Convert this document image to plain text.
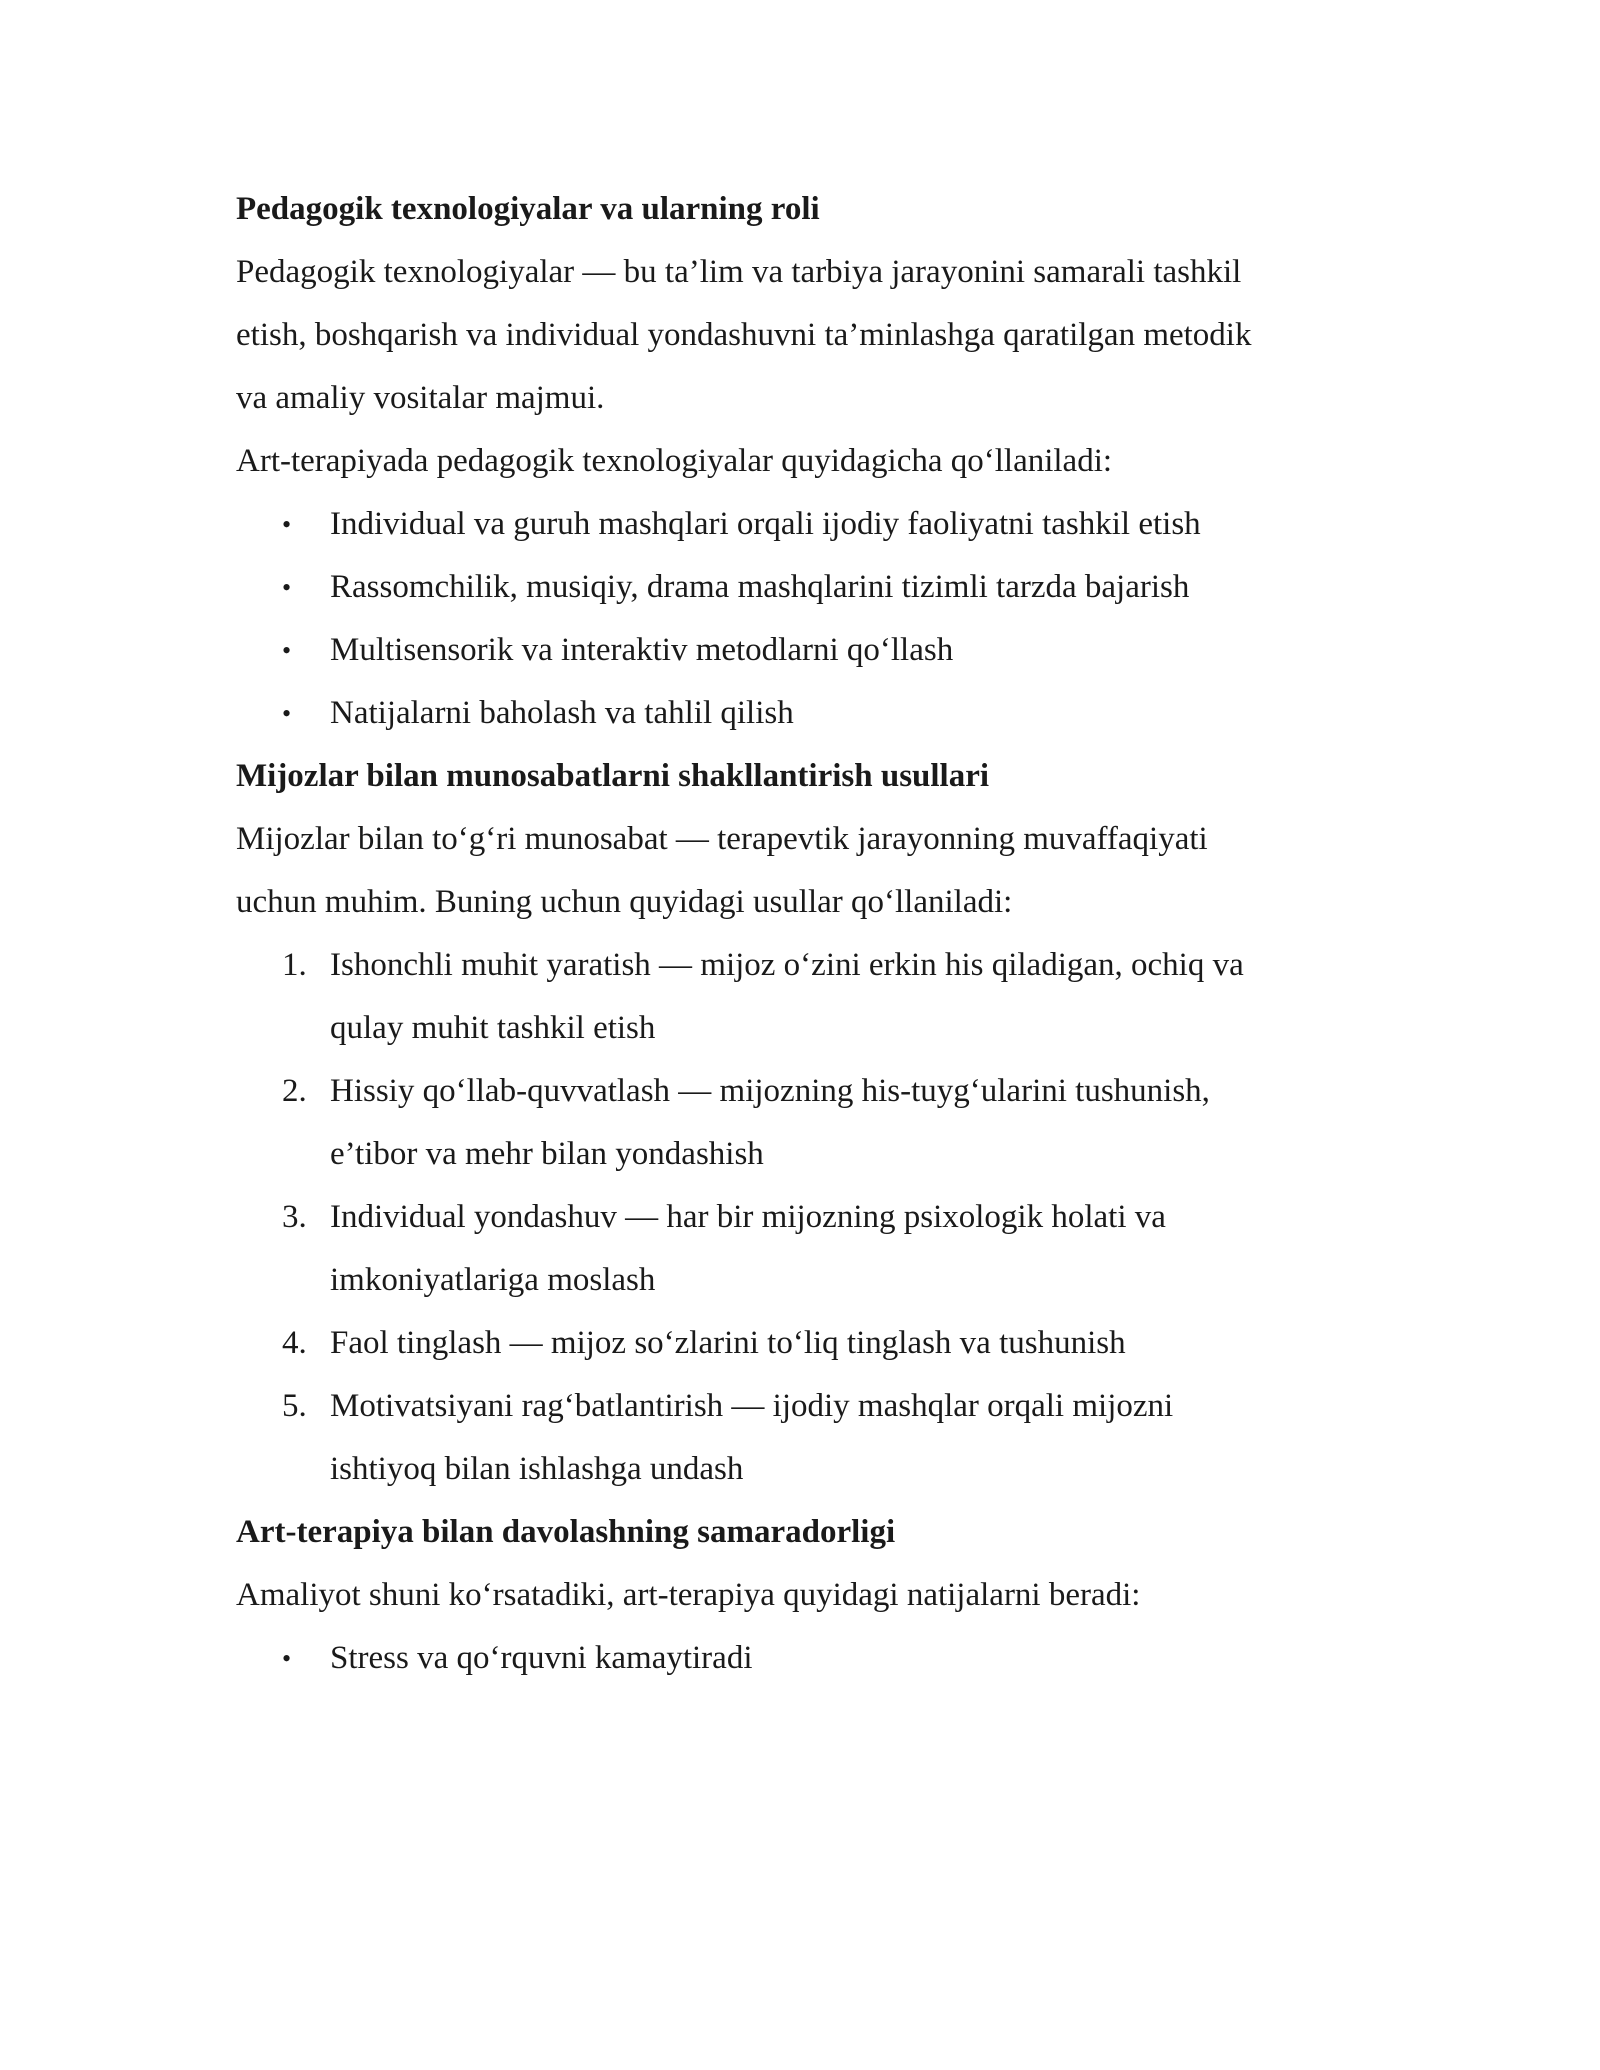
Pedagogik texnologiyalar va ularning roli
Pedagogik texnologiyalar — bu ta’lim va tarbiya jarayonini samarali tashkil
etish, boshqarish va individual yondashuvni ta’minlashga qaratilgan metodik
va amaliy vositalar majmui.
Art-terapiyada pedagogik texnologiyalar quyidagicha qo‘llaniladi:
• Individual va guruh mashqlari orqali ijodiy faoliyatni tashkil etish
• Rassomchilik, musiqiy, drama mashqlarini tizimli tarzda bajarish
• Multisensorik va interaktiv metodlarni qo‘llash
• Natijalarni baholash va tahlil qilish
Mijozlar bilan munosabatlarni shakllantirish usullari
Mijozlar bilan to‘g‘ri munosabat — terapevtik jarayonning muvaffaqiyati
uchun muhim. Buning uchun quyidagi usullar qo‘llaniladi:
1. Ishonchli muhit yaratish — mijoz o‘zini erkin his qiladigan, ochiq va
qulay muhit tashkil etish
2. Hissiy qo‘llab-quvvatlash — mijozning his-tuyg‘ularini tushunish,
e’tibor va mehr bilan yondashish
3. Individual yondashuv — har bir mijozning psixologik holati va
imkoniyatlariga moslash
4. Faol tinglash — mijoz so‘zlarini to‘liq tinglash va tushunish
5. Motivatsiyani rag‘batlantirish — ijodiy mashqlar orqali mijozni
ishtiyoq bilan ishlashga undash
Art-terapiya bilan davolashning samaradorligi
Amaliyot shuni ko‘rsatadiki, art-terapiya quyidagi natijalarni beradi:
• Stress va qo‘rquvni kamaytiradi
